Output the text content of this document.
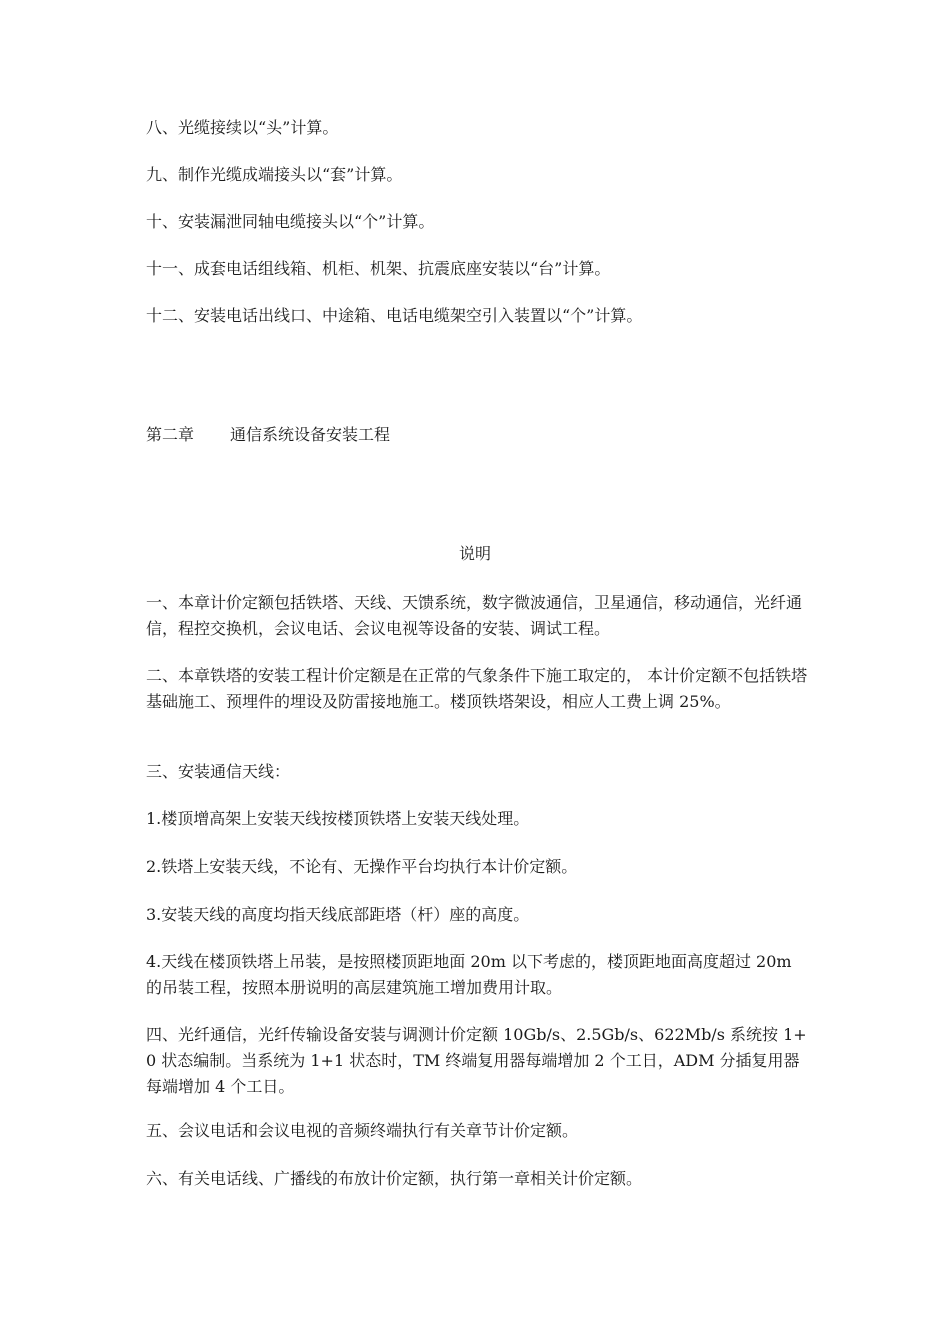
八、光缆接续以“头”计算。

九、制作光缆成端接头以“套”计算。

十、安装漏泄同轴电缆接头以“个”计算。

十一、成套电话组线箱、机柜、机架、抗震底座安装以“台”计算。

十二、安装电话出线口、中途箱、电话电缆架空引入装置以“个”计算。

第二章 通信系统设备安装工程

说明

一、本章计价定额包括铁塔、天线、天馈系统，数字微波通信，卫星通信，移动通信，光纤通信，程控交换机，会议电话、会议电视等设备的安装、调试工程。

二、本章铁塔的安装工程计价定额是在正常的气象条件下施工取定的， 本计价定额不包括铁塔基础施工、预埋件的埋设及防雷接地施工。楼顶铁塔架设，相应人工费上调 25%。

三、安装通信天线：

1.楼顶增高架上安装天线按楼顶铁塔上安装天线处理。

2.铁塔上安装天线，不论有、无操作平台均执行本计价定额。

3.安装天线的高度均指天线底部距塔（杆）座的高度。

4.天线在楼顶铁塔上吊装，是按照楼顶距地面 20m 以下考虑的，楼顶距地面高度超过 20m 的吊装工程，按照本册说明的高层建筑施工增加费用计取。

四、光纤通信，光纤传输设备安装与调测计价定额 10Gb/s、2.5Gb/s、622Mb/s 系统按 1+0 状态编制。当系统为 1+1 状态时，TM 终端复用器每端增加 2 个工日，ADM 分插复用器每端增加 4 个工日。

五、会议电话和会议电视的音频终端执行有关章节计价定额。

六、有关电话线、广播线的布放计价定额，执行第一章相关计价定额。
